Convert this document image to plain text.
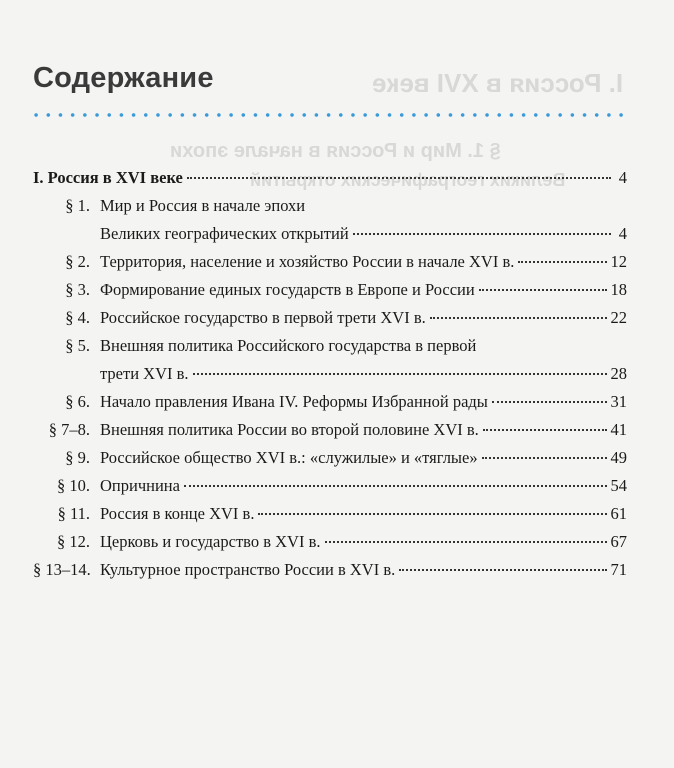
I. Россия в XVI веке
§ 1. Мир и Россия в начале эпохи
Великих географических открытий
Содержание
I. Россия в XVI веке	4
§ 1. Мир и Россия в начале эпохи
Великих географических открытий	4
§ 2. Территория, население и хозяйство России в начале XVI в.	12
§ 3. Формирование единых государств в Европе и России	18
§ 4. Российское государство в первой трети XVI в.	22
§ 5. Внешняя политика Российского государства в первой
трети XVI в.	28
§ 6. Начало правления Ивана IV. Реформы Избранной рады	31
§ 7–8. Внешняя политика России во второй половине XVI в.	41
§ 9. Российское общество XVI в.: «служилые» и «тяглые»	49
§ 10. Опричнина	54
§ 11. Россия в конце XVI в.	61
§ 12. Церковь и государство в XVI в.	67
§ 13–14. Культурное пространство России в XVI в.	71
